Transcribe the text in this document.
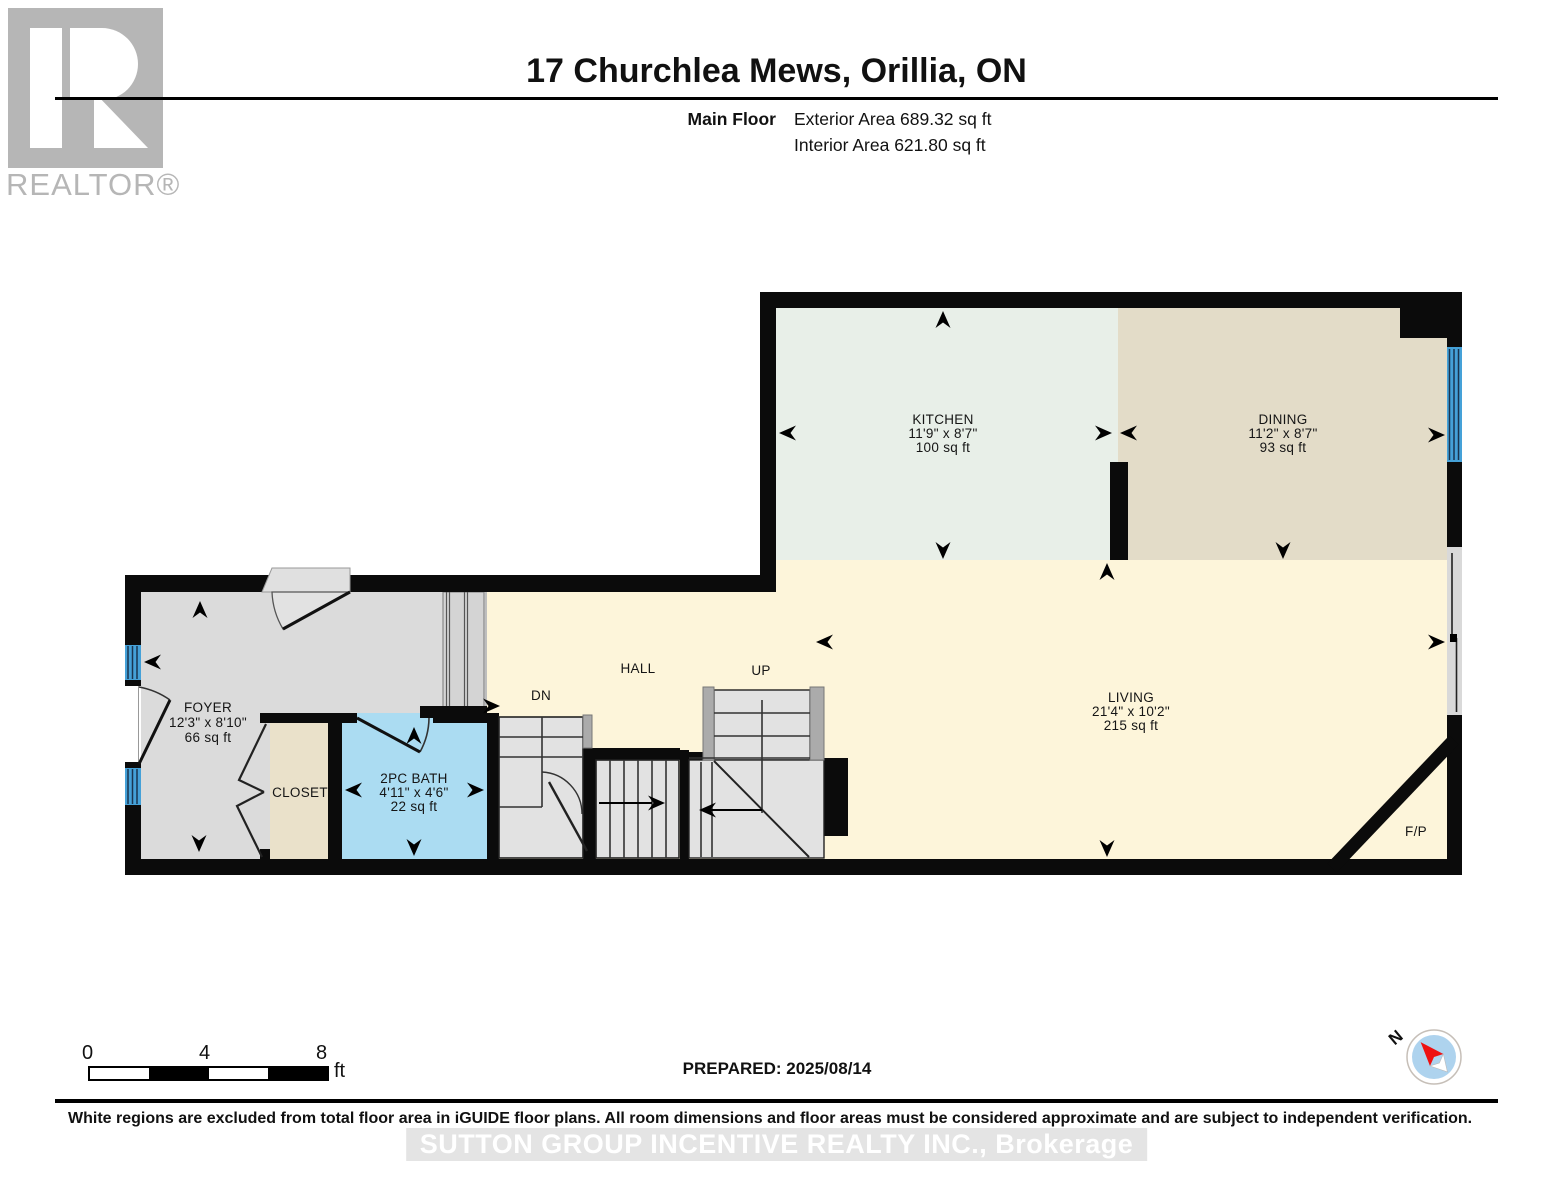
REALTOR®
17 Churchlea Mews, Orillia, ON
Main Floor Exterior Area 689.32 sq ft
Interior Area 621.80 sq ft
KITCHEN
11'9" x 8'7"
100 sq ft
DINING
11'2" x 8'7"
93 sq ft
LIVING
21'4" x 10'2"
215 sq ft
FOYER
12'3" x 8'10"
66 sq ft
2PC BATH
4'11" x 4'6"
22 sq ft
CLOSET
HALL	UP
DN
F/P
0	4	8
ft	PREPARED: 2025/08/14
N
White regions are excluded from total floor area in iGUIDE floor plans. All room dimensions and floor areas must be considered approximate and are subject to independent verification.
SUTTON GROUP INCENTIVE REALTY INC., Brokerage
